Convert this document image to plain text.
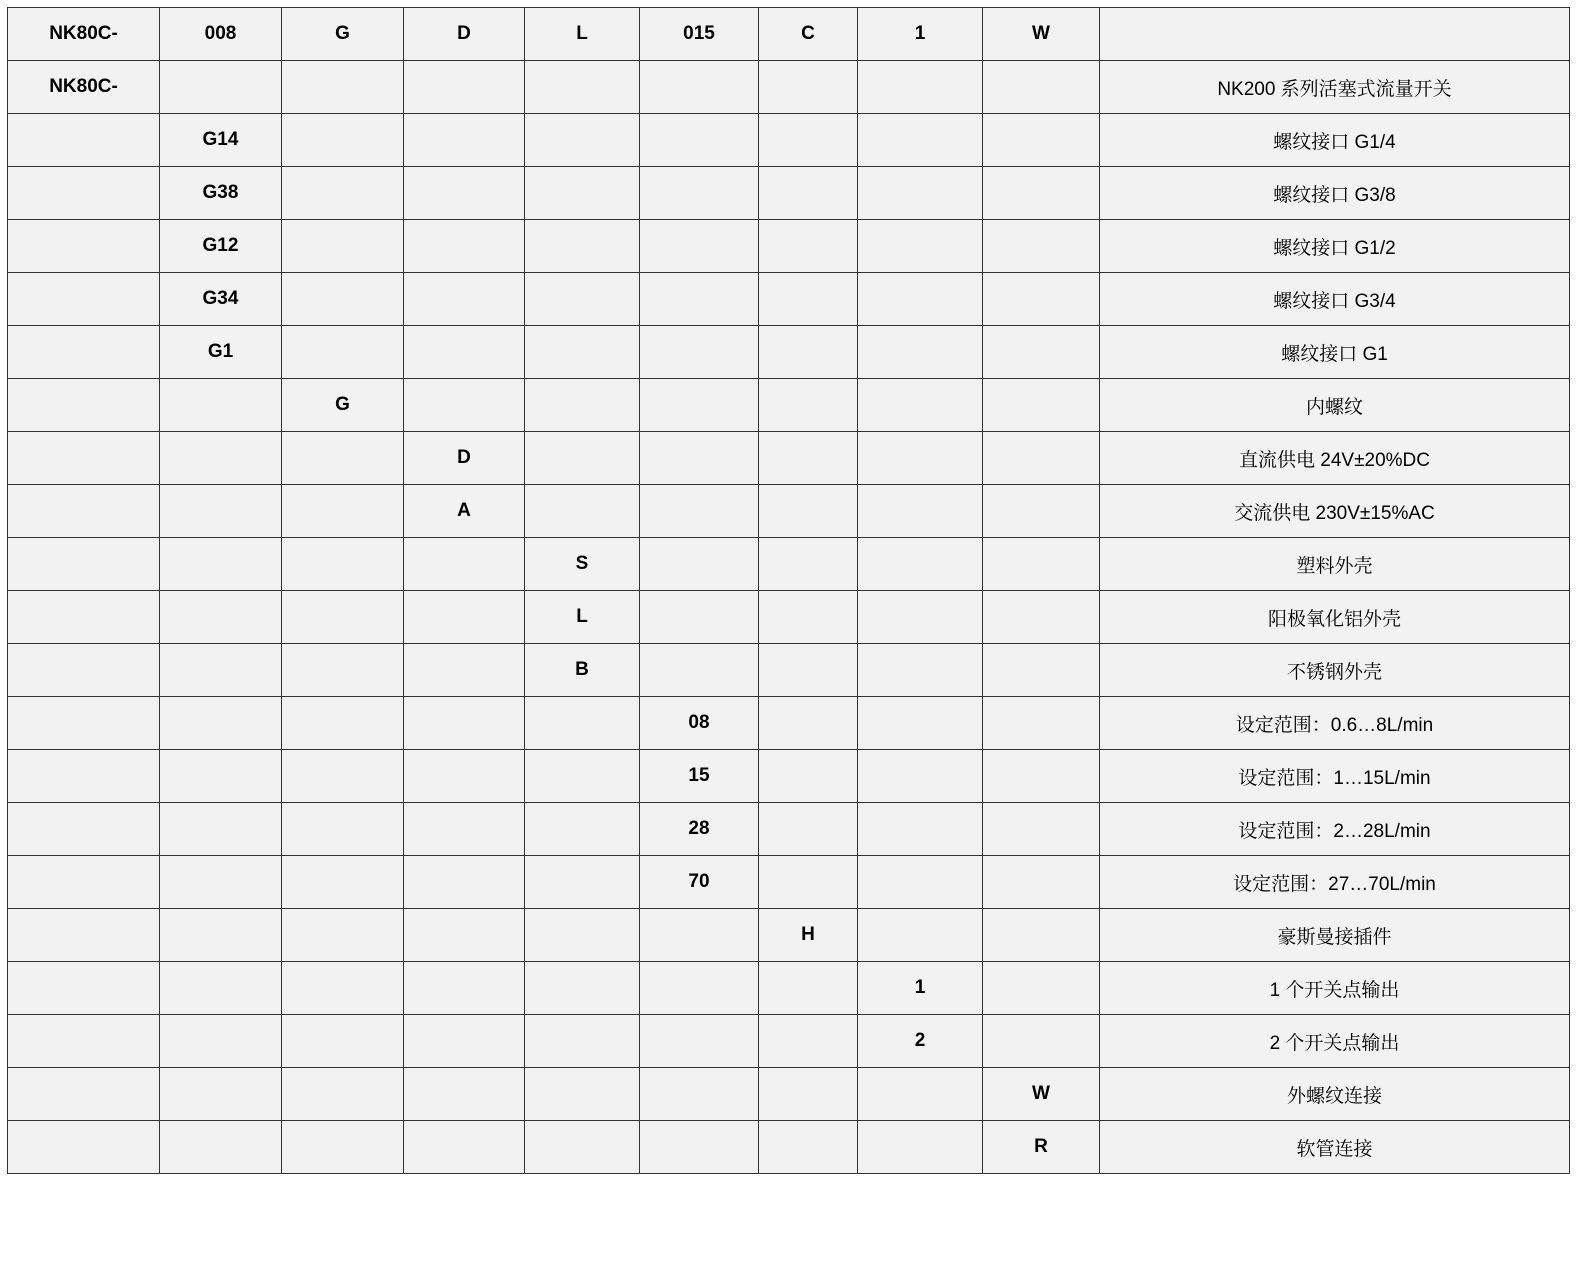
NK80C-	008	G	D	L	015	C	1	W	
NK80C-									NK200 系列活塞式流量开关
	G14								螺纹接口 G1/4
	G38								螺纹接口 G3/8
	G12								螺纹接口 G1/2
	G34								螺纹接口 G3/4
	G1								螺纹接口 G1
		G							内螺纹
			D						直流供电 24V±20%DC
			A						交流供电 230V±15%AC
				S					塑料外壳
				L					阳极氧化铝外壳
				B					不锈钢外壳
					08				设定范围：0.6…8L/min
					15				设定范围：1…15L/min
					28				设定范围：2…28L/min
					70				设定范围：27…70L/min
						H			豪斯曼接插件
							1		1 个开关点输出
							2		2 个开关点输出
								W	外螺纹连接
								R	软管连接
